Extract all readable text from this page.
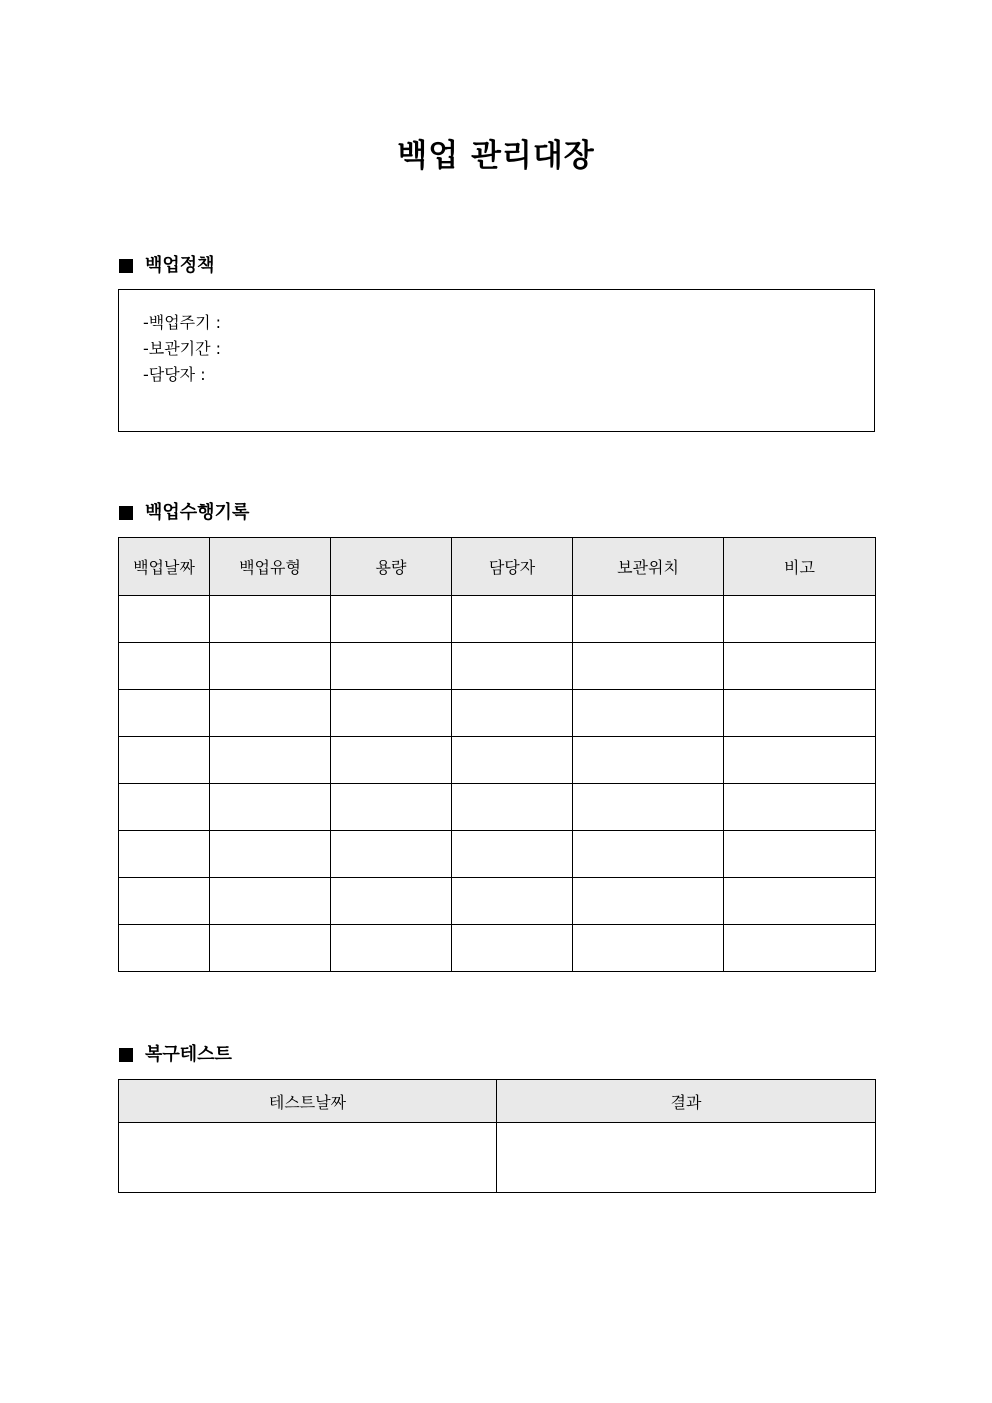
백업 관리대장
백업정책
-백업주기 :
-보관기간 :
-담당자 :
백업수행기록
백업날짜	백업유형	용량	담당자	보관위치	비고

복구테스트
테스트날짜	결과
